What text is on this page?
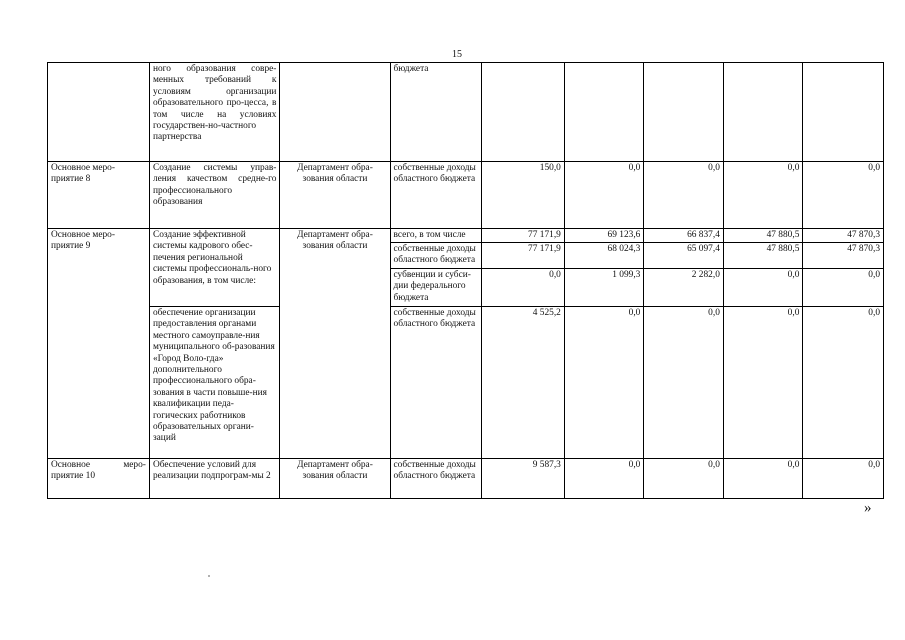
15
	ного образования совре-менных требований к условиям организации образовательного про-цесса, в том числе на условиях государствен-но-частного партнерства		бюджета					
Основное меро-приятие 8	Создание системы управ-ления качеством средне-го профессионального образования	Департамент обра-зования области	собственные доходы областного бюджета	150,0	0,0	0,0	0,0	0,0
Основное меро-приятие 9	Создание эффективной системы кадрового обес-печения региональной системы профессиональ-ного образования, в том числе:	Департамент обра-зования области	всего, в том числе	77 171,9	69 123,6	66 837,4	47 880,5	47 870,3
			собственные доходы областного бюджета	77 171,9	68 024,3	65 097,4	47 880,5	47 870,3
			субвенции и субси-дии федерального бюджета	0,0	1 099,3	2 282,0	0,0	0,0
	обеспечение организации предоставления органами местного самоуправле-ния муниципального об-разования «Город Воло-гда» дополнительного профессионального обра-зования в части повыше-ния квалификации педа-гогических работников образовательных органи-заций		собственные доходы областного бюджета	4 525,2	0,0	0,0	0,0	0,0
Основное меро-приятие 10	Обеспечение условий для реализации подпрограм-мы 2	Департамент обра-зования области	собственные доходы областного бюджета	9 587,3	0,0	0,0	0,0	0,0
»
